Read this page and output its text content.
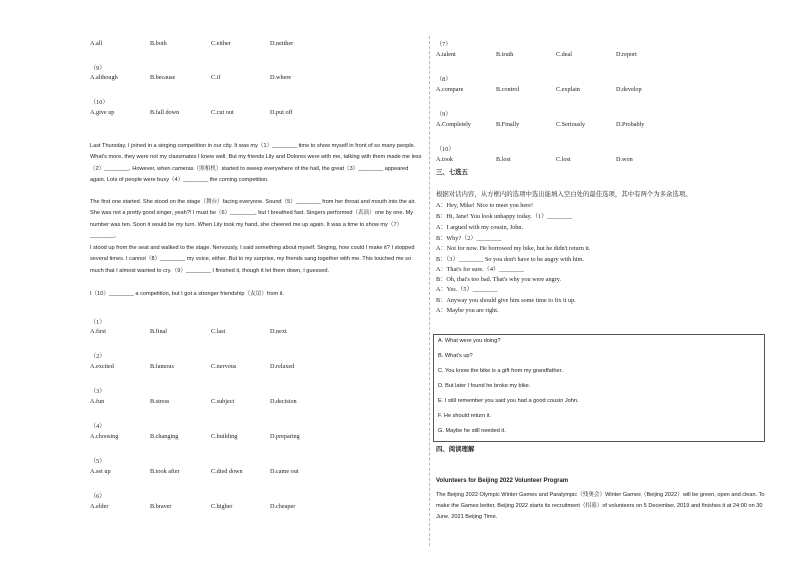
A.all	B.both	C.either	D.neither
（9）
A.although	B.because	C.if	D.where
（10）
A.give up	B.fall down	C.cut out	D.put off
Last Thursday, I joined in a singing competition in our city. It was my（1）________ time to show myself in front of so many people. What's more, they were not my classmates I knew well. But my friends Lily and Dolores were with me, talking with them made me less（2）________. However, when cameras（照相机）started to sweep everywhere of the hall, the great（3）________ appeared again. Lots of people were busy（4）________ the coming competition.
The first one started. She stood on the stage（舞台）facing everyone. Sound（5）________ from her throat and mouth into the air. She was not a pretty good singer, yeah?! I must be（6）________, but I breathed fast. Singers performed（表演）one by one. My number was ten. Soon it would be my turn. When Lily took my hand, she cheered me up again. It was a time to show my（7）________.
I stood up from the seat and walked to the stage. Nervously, I said something about myself. Singing, how could I make it? I stopped several times. I cannot（8）________ my voice, either. But to my surprise, my friends sang together with me. This touched me so much that I almost wanted to cry.（9）________ I finished it, though it let them down, I guessed.
I（10）________ a competition, but I got a stronger friendship（友谊）from it.
（1）
A.first	B.final	C.last	D.next
（2）
A.excited	B.famous	C.nervous	D.relaxed
（3）
A.fun	B.stress	C.subject	D.decision
（4）
A.choosing	B.changing	C.building	D.preparing
（5）
A.set up	B.took after	C.died down	D.came out
（6）
A.elder	B.braver	C.higher	D.cheaper
（7）
A.talent	B.truth	C.deal	D.report
（8）
A.compare	B.control	C.explain	D.develop
（9）
A.Completely	B.Finally	C.Seriously	D.Probably
（10）
A.took	B.lost	C.lost	D.won
三、七选五
根据对话内容，从方框内的选项中选出能填入空白处的最佳选项，其中有两个为多余选项。
A：Hey, Mike! Nice to meet you here!
B：Hi, Jane! You look unhappy today.（1）________
A：I argued with my cousin, John.
B：Why?（2）________
A：Not for now. He borrowed my bike, but he didn't return it.
B：（3）________ So you don't have to be angry with him.
A：That's for sure.（4）________
B：Oh, that's too bad. That's why you were angry.
A：Yes.（5）________
B：Anyway you should give him some time to fix it up.
A：Maybe you are right.
A. What were you doing?
B. What's up?
C. You know the bike is a gift from my grandfather.
D. But later I found he broke my bike.
E. I still remember you said you had a good cousin John.
F. He should return it.
G. Maybe he still needed it.
四、阅读理解
Volunteers for Beijing 2022 Volunteer Program
The Beijing 2022 Olympic Winter Games and Paralympic（残奥会）Winter Games（Beijing 2022）will be green, open and clean. To make the Games better, Beijing 2022 starts its recruitment（招募）of volunteers on 5 December, 2019 and finishes it at 24:00 on 30 June, 2021 Beijing Time.
